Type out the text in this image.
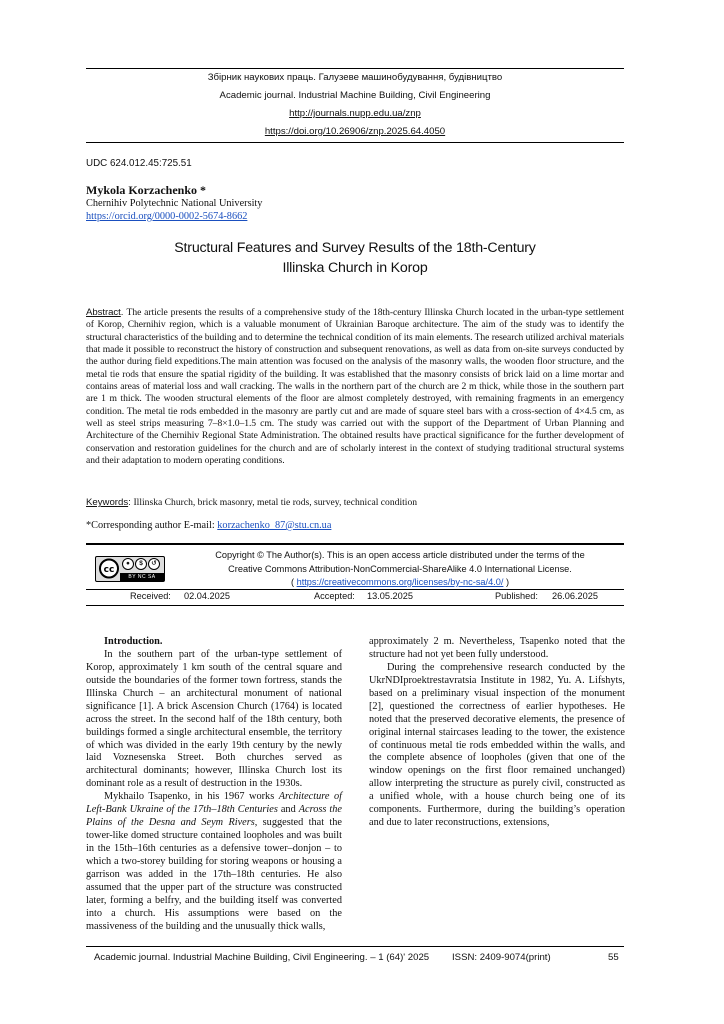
Збірник наукових праць. Галузеве машинобудування, будівництво
Academic journal. Industrial Machine Building, Civil Engineering
http://journals.nupp.edu.ua/znp
https://doi.org/10.26906/znp.2025.64.4050
UDC 624.012.45:725.51
Mykola Korzachenko *
Chernihiv Polytechnic National University
https://orcid.org/0000-0002-5674-8662
Structural Features and Survey Results of the 18th-Century
Illinska Church in Korop
Abstract. The article presents the results of a comprehensive study of the 18th-century Illinska Church located in the urban-type settlement of Korop, Chernihiv region, which is a valuable monument of Ukrainian Baroque architecture. The aim of the study was to identify the structural characteristics of the building and to determine the technical condition of its main elements. The research utilized archival materials that made it possible to reconstruct the history of construction and subsequent renovations, as well as data from on-site surveys conducted by the author during field expeditions.The main attention was focused on the analysis of the masonry walls, the wooden floor structure, and the metal tie rods that ensure the spatial rigidity of the building. It was established that the masonry consists of brick laid on a lime mortar and contains areas of material loss and wall cracking. The walls in the northern part of the church are 2 m thick, while those in the southern part are 1 m thick. The wooden structural elements of the floor are almost completely destroyed, with remaining fragments in an emergency condition. The metal tie rods embedded in the masonry are partly cut and are made of square steel bars with a cross-section of 4×4.5 cm, as well as steel strips measuring 7–8×1.0–1.5 cm. The study was carried out with the support of the Department of Urban Planning and Architecture of the Chernihiv Regional State Administration. The obtained results have practical significance for the further development of conservation and restoration guidelines for the church and are of scholarly interest in the context of studying traditional structural systems and their adaptation to modern operating conditions.
Keywords: Illinska Church, brick masonry, metal tie rods, survey, technical condition
*Corresponding author E-mail: korzachenko_87@stu.cn.ua
cc
●	$	↺
BY NC SA
Copyright © The Author(s). This is an open access article distributed under the terms of the
Creative Commons Attribution-NonCommercial-ShareAlike 4.0 International License.
( https://creativecommons.org/licenses/by-nc-sa/4.0/ )
Received: 02.04.2025	Accepted: 13.05.2025	Published: 26.06.2025

Introduction.

In the southern part of the urban-type settlement of Korop, approximately 1 km south of the central square and outside the boundaries of the former town fortress, stands the Illinska Church – an architectural monument of national significance [1]. A brick Ascension Church (1764) is located across the street. In the second half of the 18th century, both buildings formed a single architectural ensemble, the territory of which was divided in the early 19th century by the newly laid Voznesenska Street. Both churches served as architectural dominants; however, Illinska Church lost its dominant role as a result of destruction in the 1930s.

Mykhailo Tsapenko, in his 1967 works Architecture of Left-Bank Ukraine of the 17th–18th Centuries and Across the Plains of the Desna and Seym Rivers, suggested that the tower-like domed structure contained loopholes and was built in the 15th–16th centuries as a defensive tower–donjon – to which a two-storey building for storing weapons or housing a garrison was added in the 17th–18th centuries. He also assumed that the upper part of the structure was constructed later, forming a belfry, and the building itself was converted into a church. His assumptions were based on the massiveness of the building and the unusually thick walls,

approximately 2 m. Nevertheless, Tsapenko noted that the structure had not yet been fully understood.

During the comprehensive research conducted by the UkrNDIproektrestavratsia Institute in 1982, Yu. A. Lifshyts, based on a preliminary visual inspection of the monument [2], questioned the correctness of earlier hypotheses. He noted that the preserved decorative elements, the presence of original internal staircases leading to the tower, the existence of continuous metal tie rods embedded within the walls, and the complete absence of loopholes (given that one of the window openings on the first floor remained unchanged) allow interpreting the structure as purely civil, constructed as a unified whole, with a house church being one of its components. Furthermore, during the building’s operation and due to later reconstructions, extensions,

Academic journal. Industrial Machine Building, Civil Engineering. – 1 (64)' 2025 ISSN: 2409-9074(print)	55
